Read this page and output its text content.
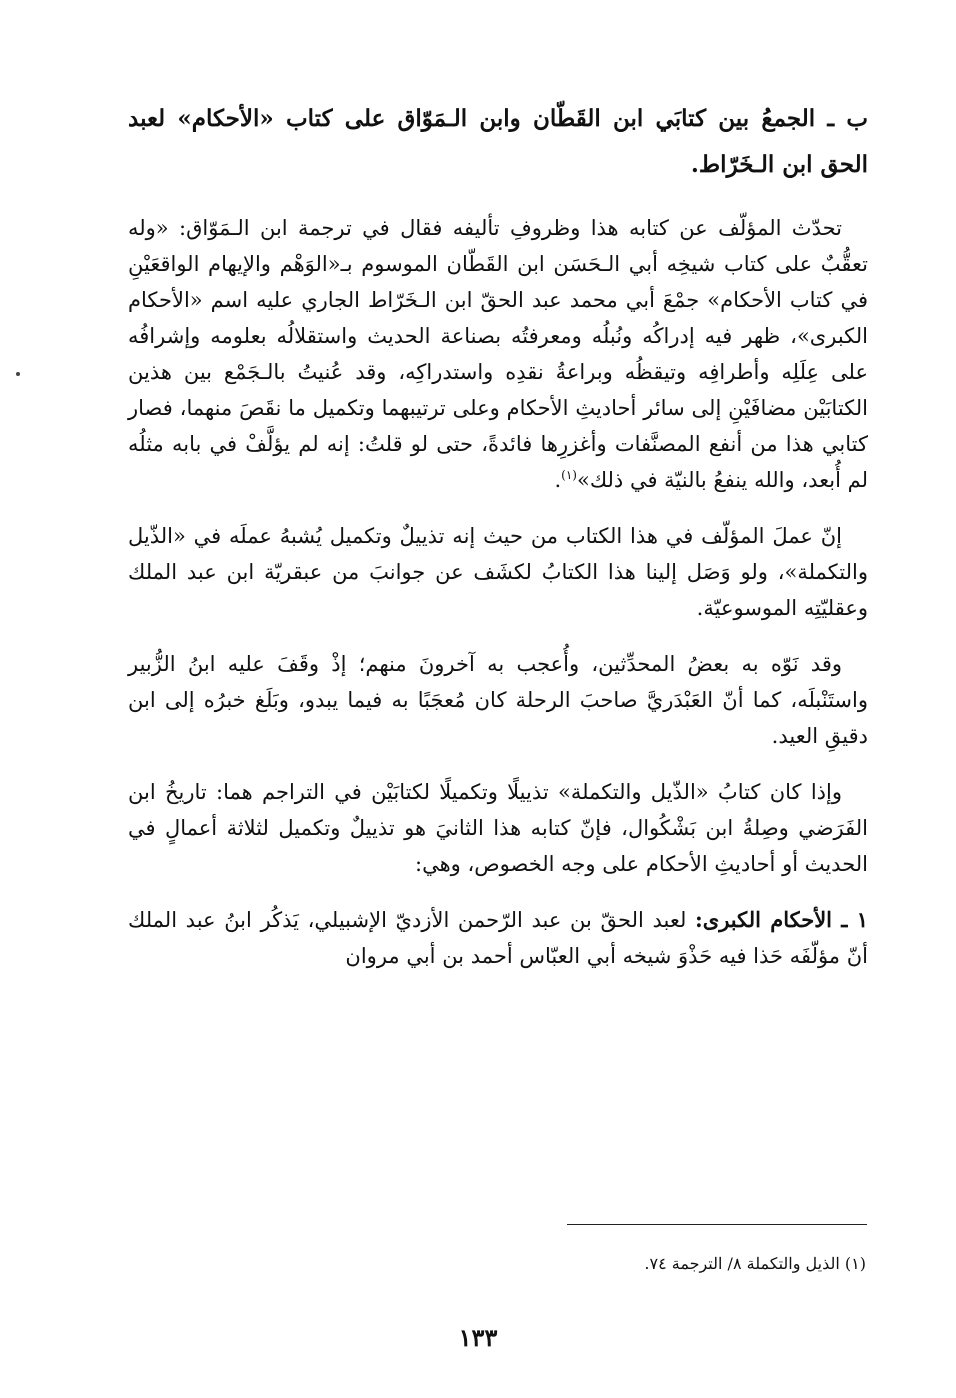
ب ـ الجمعُ بين كتابَي ابن القَطّان وابن الـمَوّاق على كتاب «الأحكام» لعبد الحق ابن الـخَرّاط.

تحدّث المؤلّف عن كتابه هذا وظروفِ تأليفه فقال في ترجمة ابن الـمَوّاق: «وله تعقُّبٌ على كتاب شيخِه أبي الـحَسَن ابن القَطّان الموسوم بـ«الوَهْم والإيهام الواقعَيْنِ في كتاب الأحكام» جمْعَ أبي محمد عبد الحقّ ابن الـخَرّاط الجاري عليه اسم «الأحكام الكبرى»، ظهر فيه إدراكُه ونُبلُه ومعرفتُه بصناعة الحديث واستقلالُه بعلومه وإشرافُه على عِلَلِه وأطرافِه وتيقظُه وبراعةُ نقدِه واستدراكِه، وقد عُنيتُ بالـجَمْع بين هذين الكتابَيْن مضافَيْنِ إلى سائر أحاديثِ الأحكام وعلى ترتيبهما وتكميل ما نقَصَ منهما، فصار كتابي هذا من أنفع المصنَّفات وأغزرِها فائدةً، حتى لو قلتُ: إنه لم يؤلَّفْ في بابه مثلُه لم أُبعد، والله ينفعُ بالنيّة في ذلك»$^{(١)}$.

إنّ عملَ المؤلّف في هذا الكتاب من حيث إنه تذييلٌ وتكميل يُشبهُ عملَه في «الذّيل والتكملة»، ولو وَصَل إلينا هذا الكتابُ لكشَف عن جوانبَ من عبقريّة ابن عبد الملك وعقليّتِه الموسوعيّة.

وقد نَوّه به بعضُ المحدِّثين، وأُعجب به آخرونَ منهم؛ إذْ وقَفَ عليه ابنُ الزُّبير واستَنْبلَه، كما أنّ العَبْدَريَّ صاحبَ الرحلة كان مُعجَبًا به فيما يبدو، وبَلَغ خبرُه إلى ابن دقيقِ العيد.

وإذا كان كتابُ «الذّيل والتكملة» تذييلًا وتكميلًا لكتابَيْن في التراجم هما: تاريخُ ابن الفَرَضي وصِلةُ ابن بَشْكُوال، فإنّ كتابه هذا الثانيَ هو تذييلٌ وتكميل لثلاثة أعمالٍ في الحديث أو أحاديثِ الأحكام على وجه الخصوص، وهي:

١ ـ الأحكام الكبرى: لعبد الحقّ بن عبد الرّحمن الأزديّ الإشبيلي، يَذكُر ابنُ عبد الملك أنّ مؤلّفَه حَذا فيه حَذْوَ شيخه أبي العبّاس أحمد بن أبي مروان

(١) الذيل والتكملة ٨/ الترجمة ٧٤.
١٣٣
